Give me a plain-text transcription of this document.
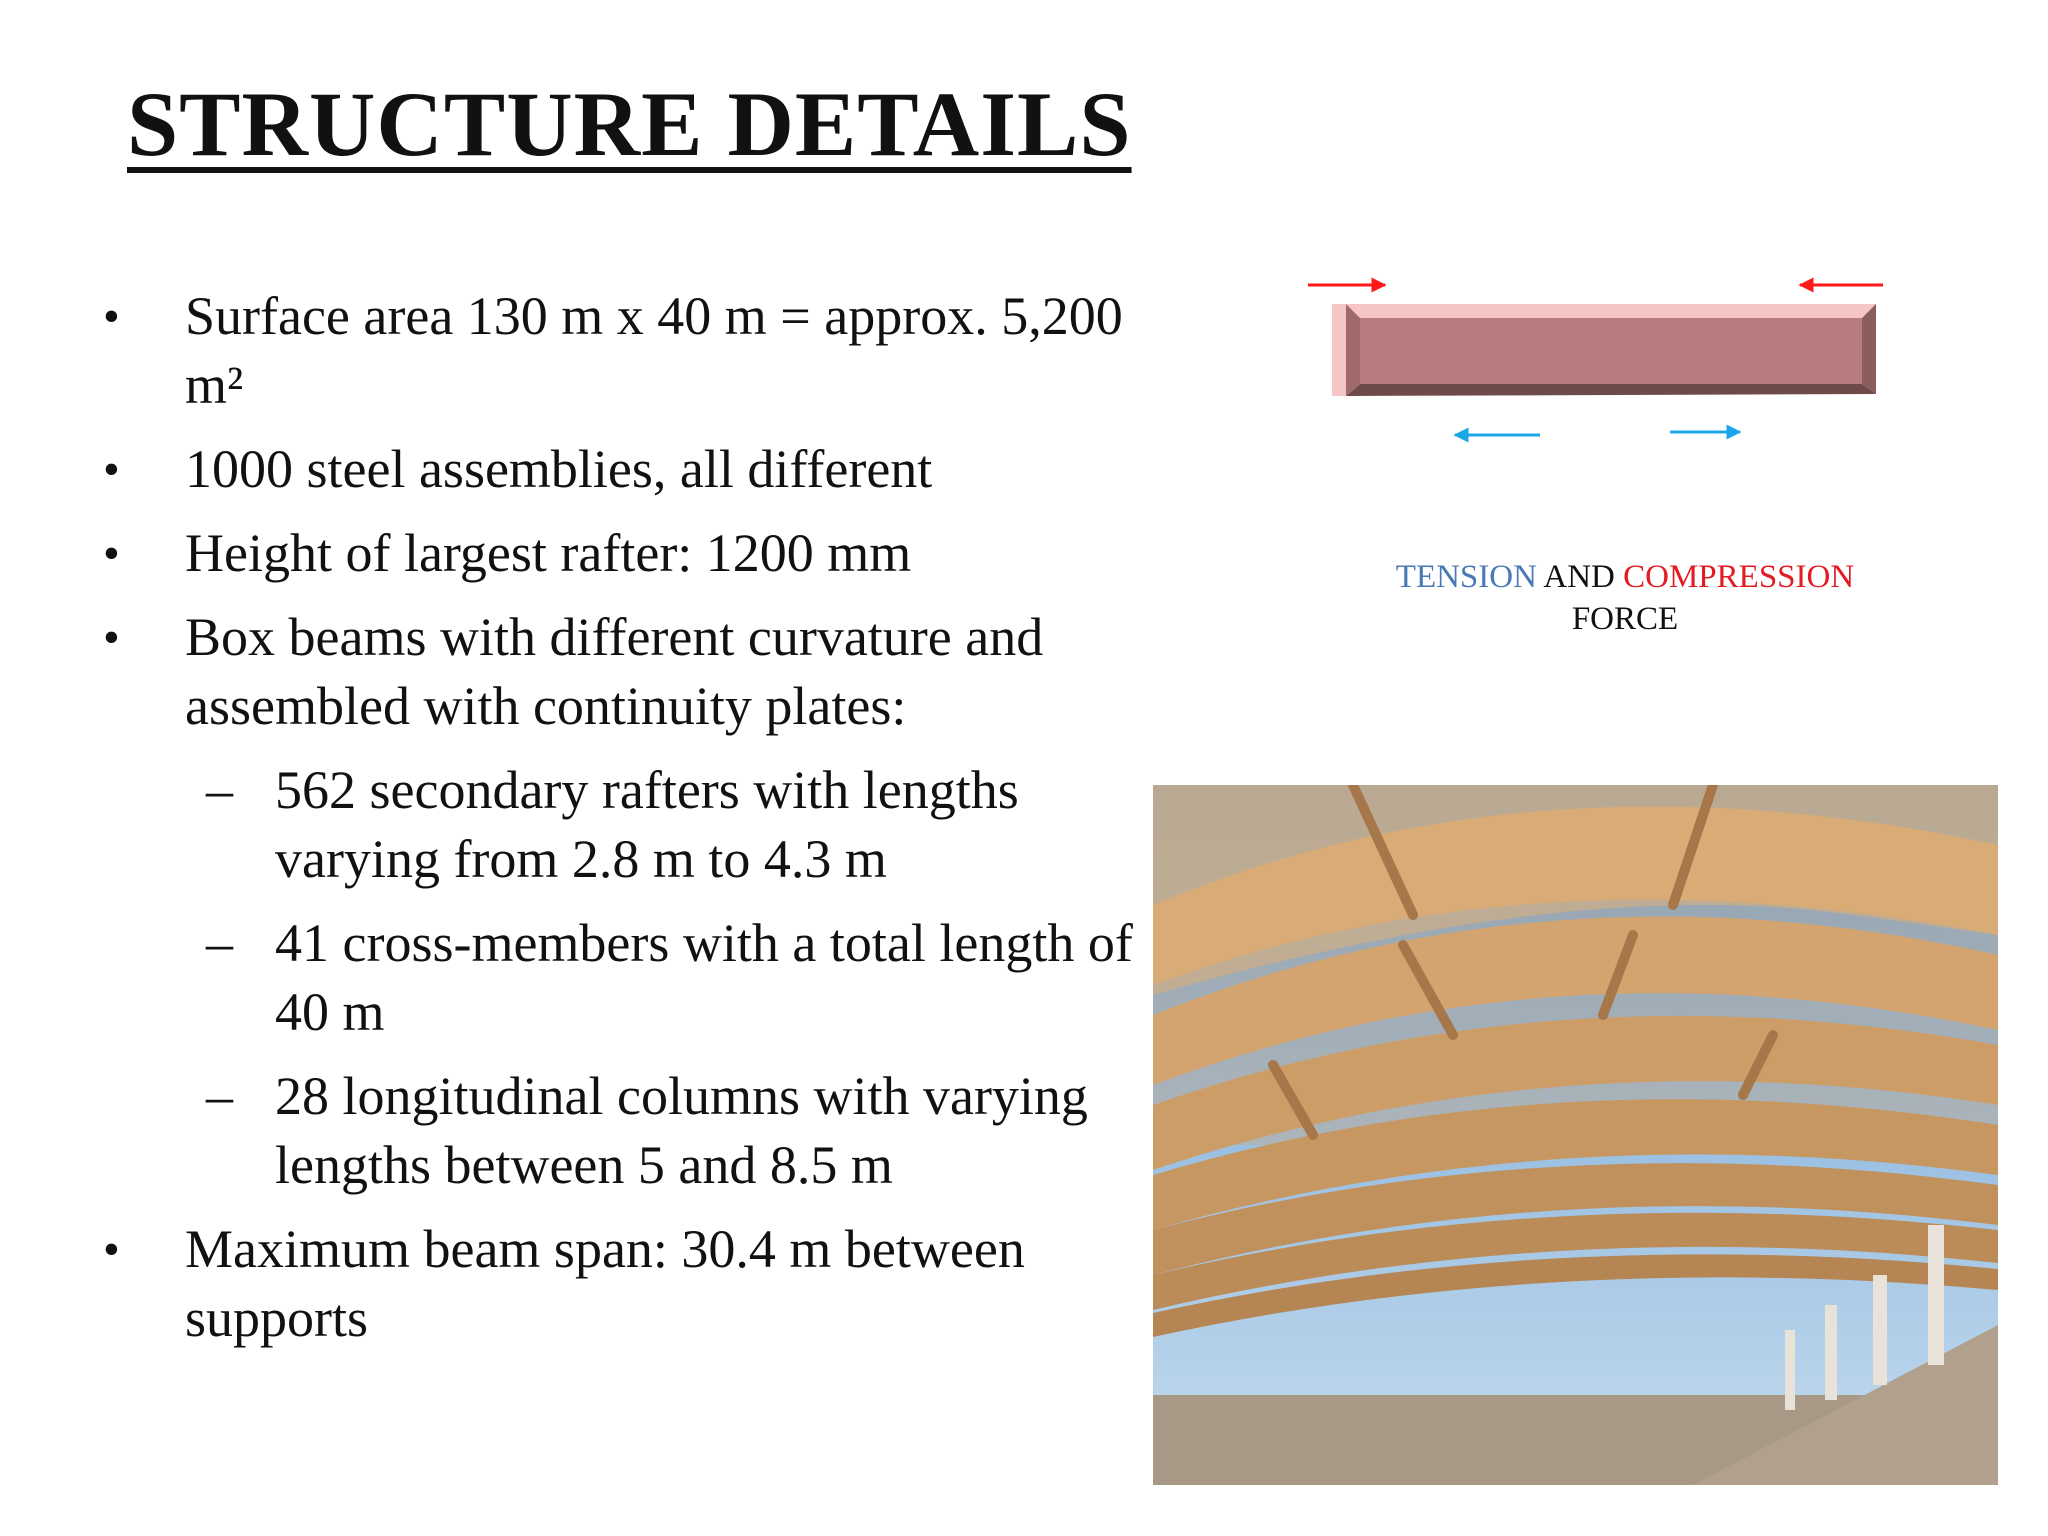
STRUCTURE DETAILS
• Surface area 130 m x 40 m = approx. 5,200 m²
• 1000 steel assemblies, all different
• Height of largest rafter: 1200 mm
• Box beams with different curvature and assembled with continuity plates:
– 562 secondary rafters with lengths varying from 2.8 m to 4.3 m
– 41 cross-members with a total length of 40 m
– 28 longitudinal columns with varying lengths between 5 and 8.5 m
• Maximum beam span: 30.4 m between supports
TENSION AND COMPRESSION
FORCE
